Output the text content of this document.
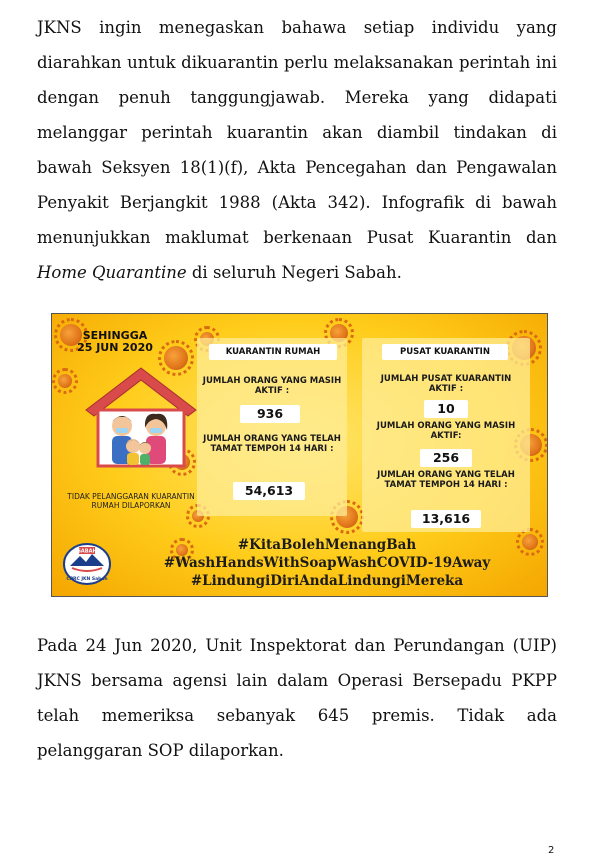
JKNS ingin menegaskan bahawa setiap individu yang diarahkan untuk dikuarantin perlu melaksanakan perintah ini dengan penuh tanggungjawab. Mereka yang didapati melanggar perintah kuarantin akan diambil tindakan di bawah Seksyen 18(1)(f), Akta Pencegahan dan Pengawalan Penyakit Berjangkit 1988 (Akta 342). Infografik di bawah menunjukkan maklumat berkenaan Pusat Kuarantin dan Home Quarantine di seluruh Negeri Sabah.

SEHINGGA
25 JUN 2020
TIDAK PELANGGARAN KUARANTIN RUMAH DILAPORKAN
KUARANTIN RUMAH
JUMLAH ORANG YANG MASIH AKTIF :
936
JUMLAH ORANG YANG TELAH TAMAT TEMPOH 14 HARI :
54,613
PUSAT KUARANTIN
JUMLAH PUSAT KUARANTIN AKTIF :
10
JUMLAH ORANG YANG MASIH AKTIF:
256
JUMLAH ORANG YANG TELAH TAMAT TEMPOH 14 HARI :
13,616
SABAH
CPRC JKN Sabah
#KitaBolehMenangBah
#WashHandsWithSoapWashCOVID-19Away
#LindungiDiriAndaLindungiMereka

Pada 24 Jun 2020, Unit Inspektorat dan Perundangan (UIP) JKNS bersama agensi lain dalam Operasi Bersepadu PKPP telah memeriksa sebanyak 645 premis. Tidak ada pelanggaran SOP dilaporkan.

2
